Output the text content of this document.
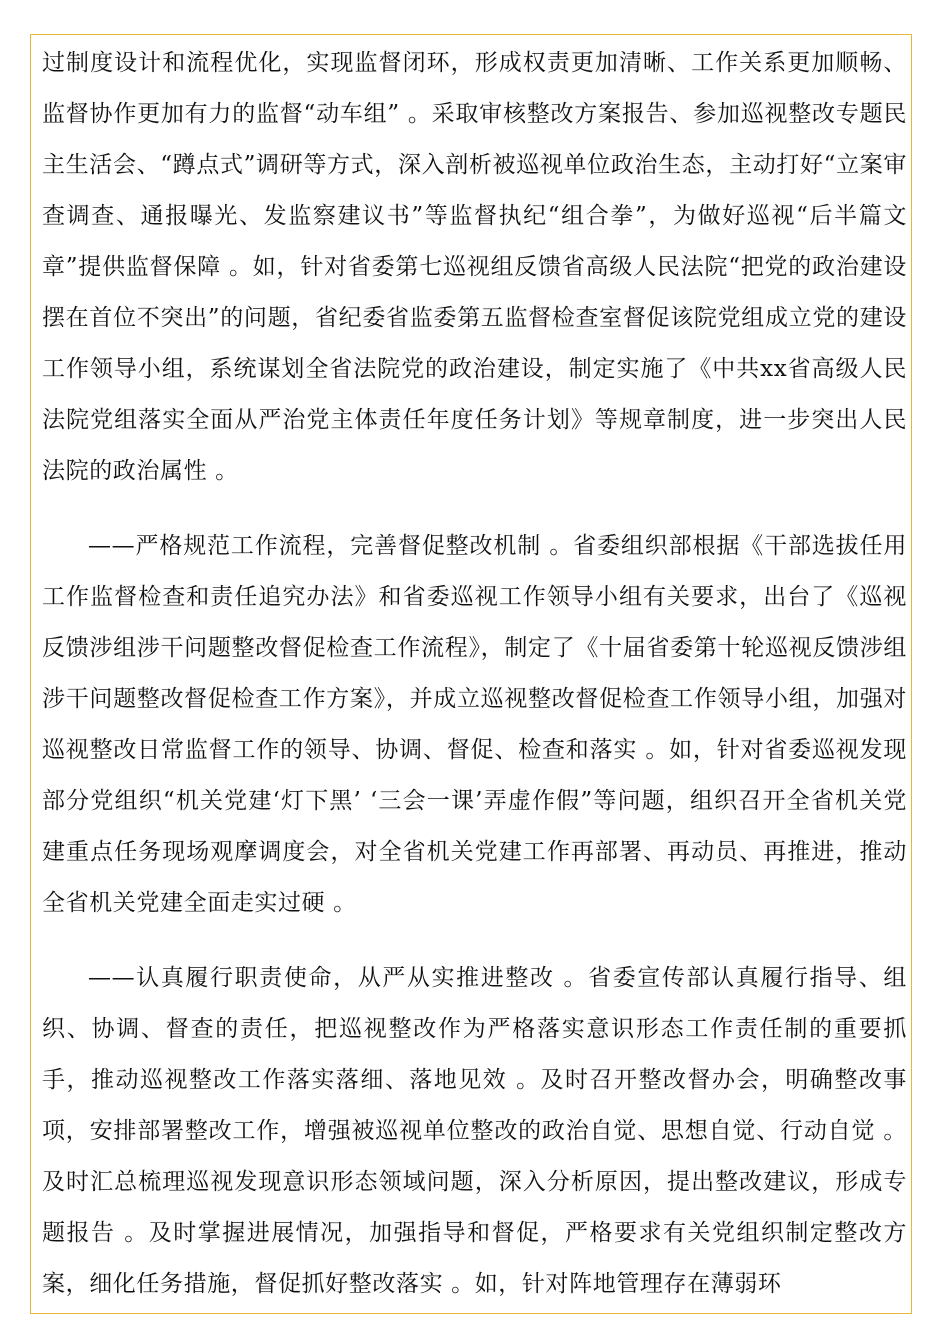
过制度设计和流程优化，实现监督闭环，形成权责更加清晰、工作关系更加顺畅、监督协作更加有力的监督“动车组” 。采取审核整改方案报告、参加巡视整改专题民主生活会、“蹲点式”调研等方式，深入剖析被巡视单位政治生态，主动打好“立案审查调查、通报曝光、发监察建议书”等监督执纪“组合拳”，为做好巡视“后半篇文章”提供监督保障 。如，针对省委第七巡视组反馈省高级人民法院“把党的政治建设摆在首位不突出”的问题，省纪委省监委第五监督检查室督促该院党组成立党的建设工作领导小组，系统谋划全省法院党的政治建设，制定实施了《中共xx省高级人民法院党组落实全面从严治党主体责任年度任务计划》等规章制度，进一步突出人民法院的政治属性 。

——严格规范工作流程，完善督促整改机制 。省委组织部根据《干部选拔任用工作监督检查和责任追究办法》和省委巡视工作领导小组有关要求，出台了《巡视反馈涉组涉干问题整改督促检查工作流程》，制定了《十届省委第十轮巡视反馈涉组涉干问题整改督促检查工作方案》，并成立巡视整改督促检查工作领导小组，加强对巡视整改日常监督工作的领导、协调、督促、检查和落实 。如，针对省委巡视发现部分党组织“机关党建‘灯下黑’ ‘三会一课’弄虚作假”等问题，组织召开全省机关党建重点任务现场观摩调度会，对全省机关党建工作再部署、再动员、再推进，推动全省机关党建全面走实过硬 。

——认真履行职责使命，从严从实推进整改 。省委宣传部认真履行指导、组织、协调、督查的责任，把巡视整改作为严格落实意识形态工作责任制的重要抓手，推动巡视整改工作落实落细、落地见效 。及时召开整改督办会，明确整改事项，安排部署整改工作，增强被巡视单位整改的政治自觉、思想自觉、行动自觉 。及时汇总梳理巡视发现意识形态领域问题，深入分析原因，提出整改建议，形成专题报告 。及时掌握进展情况，加强指导和督促，严格要求有关党组织制定整改方案，细化任务措施，督促抓好整改落实 。如，针对阵地管理存在薄弱环
